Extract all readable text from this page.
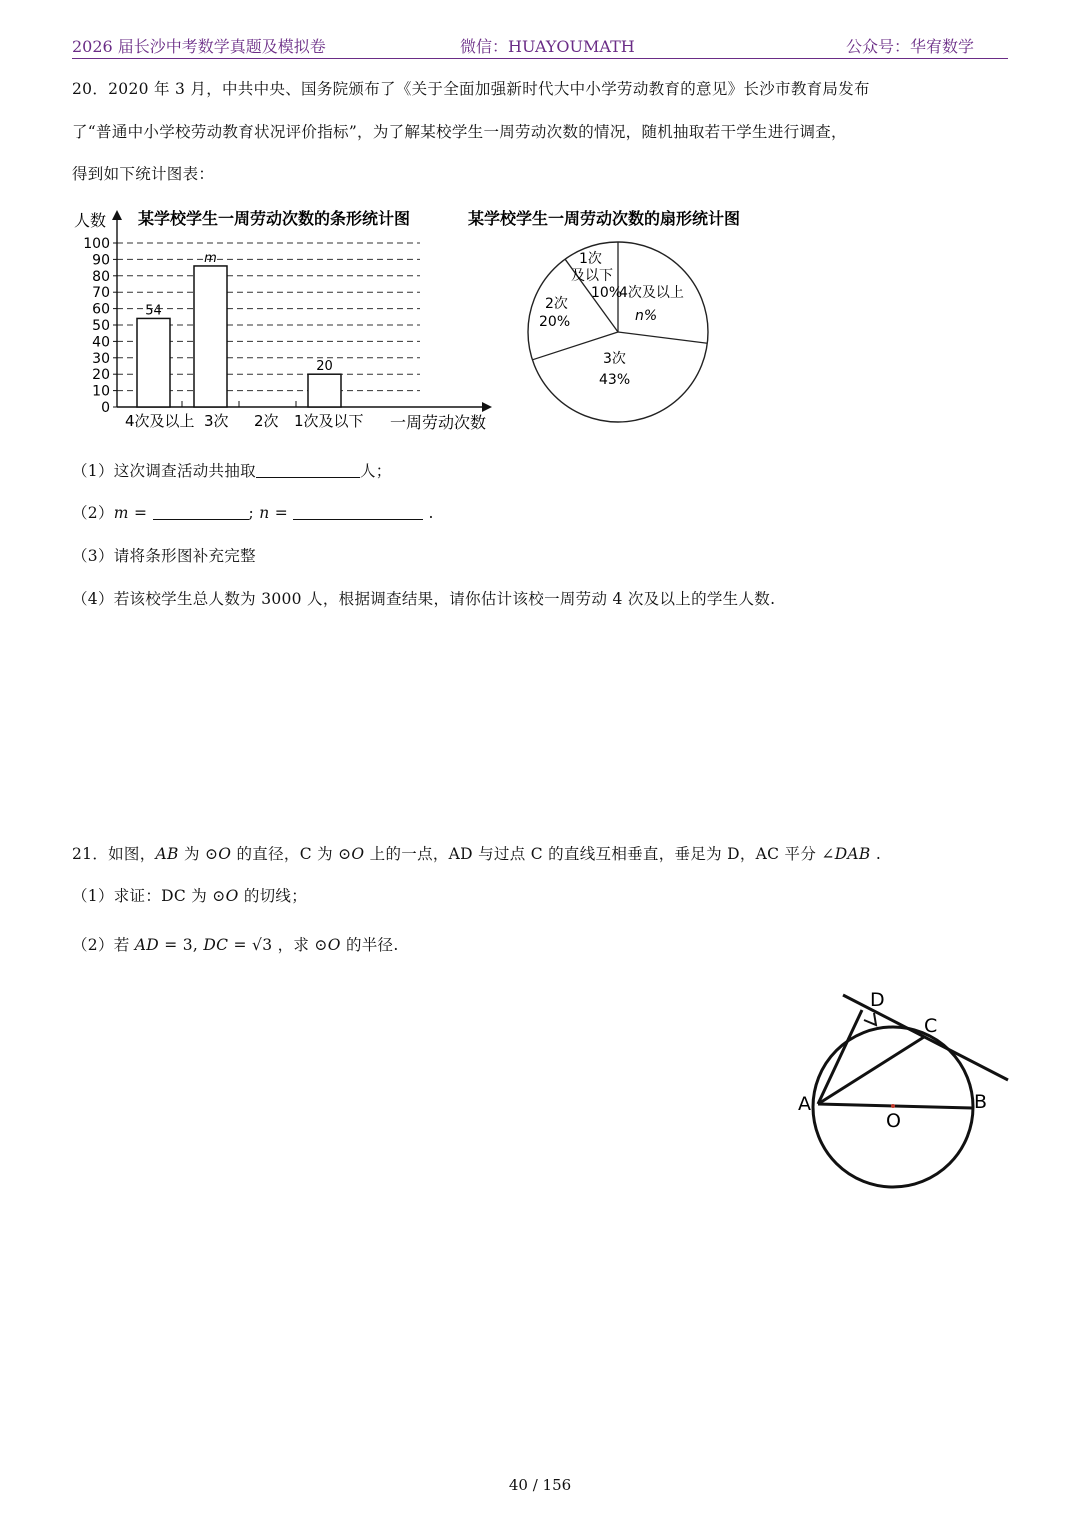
2026 届长沙中考数学真题及模拟卷	微信：HUAYOUMATH	公众号：华宥数学
20．2020 年 3 月，中共中央、国务院颁布了《关于全面加强新时代大中小学劳动教育的意见》长沙市教育局发布
了“普通中小学校劳动教育状况评价指标”，为了解某校学生一周劳动次数的情况，随机抽取若干学生进行调查，
得到如下统计图表：
0
10
20
30
40
50
60
70
80
90
100
54
4次及以上
m
3次 2次
20
1次及以下
某学校学生一周劳动次数的条形统计图
人数
一周劳动次数
某学校学生一周劳动次数的扇形统计图
1次
及以下
10%
2次
20%
3次
43%
4次及以上
n%
（1）这次调查活动共抽取	人；
（2）m =	; n =	.
（3）请将条形图补充完整
（4）若该校学生总人数为 3000 人，根据调查结果，请你估计该校一周劳动 4 次及以上的学生人数.
21．如图，AB 为 ⊙O 的直径，C 为 ⊙O 上的一点，AD 与过点 C 的直线互相垂直，垂足为 D，AC 平分 ∠DAB .
（1）求证：DC 为 ⊙O 的切线；
（2）若 AD = 3, DC = √3 ，求 ⊙O 的半径.
D
C
A	B
O
40 / 156
